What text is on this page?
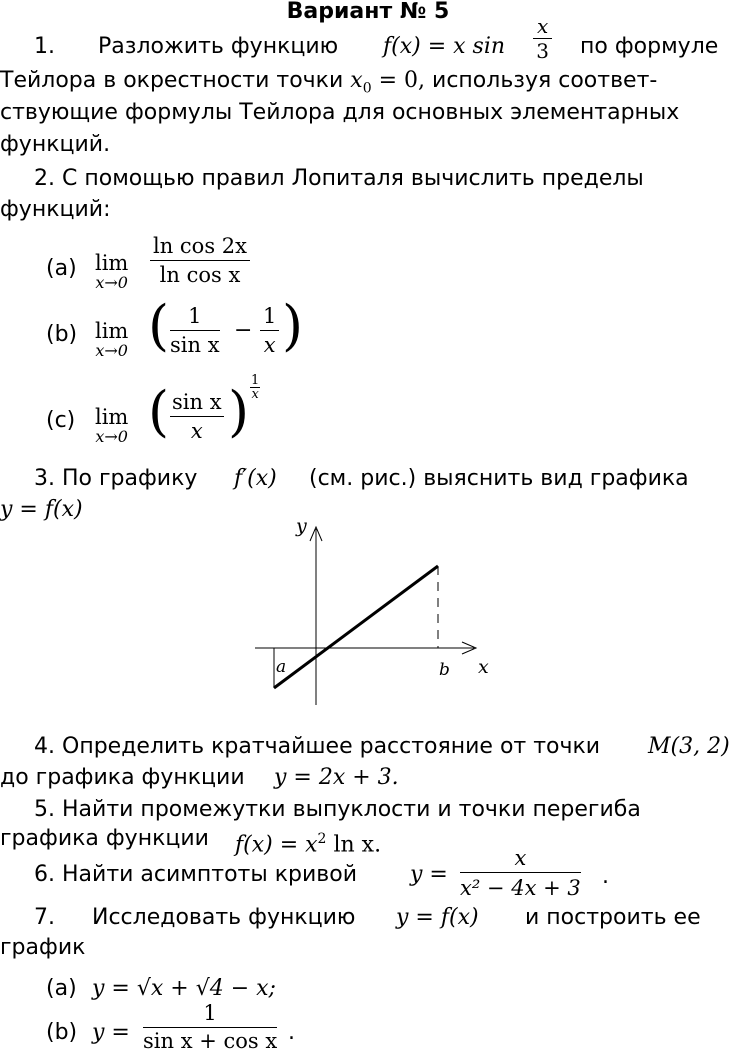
Вариант № 5
1. Разложить функцию f(x) = x $\sin \frac{x}{3}$ по формуле
Тейлора в окрестности точки $x_0 = 0$, используя соответ-
ствующие формулы Тейлора для основных элементарных
функций.
2. С помощью правил Лопиталя вычислить пределы
функций:
(a) lim
$x\to 0 \frac{\text{ln cos 2x}}{\text{ln cos x}}$
(b) lim
x→0 ( $\frac{1}{\text{sin x}} - \frac{1}{x}$ )
(c) lim
x→0 ( $\frac{\text{sin x}}{x}$ ) $\frac{1}{x}$
3. По графику f′(x) (см. рис.) выяснить вид графика
y = f(x)
y
x
a	b
4. Определить кратчайшее расстояние от точки M(3, 2)
до графика функции y = 2x + 3.
5. Найти промежутки выпуклости и точки перегиба
графика функции $f(x) = x^2$ ln x.
6. Найти асимптоты кривой $y = \frac{x}{\text{x² − 4x + 3}}$ .
7. Исследовать функцию y = f(x) и построить ее
график
(a) y = √x + √4 − x;
(b) $y = \frac{1}{\text{sin x + cos x}}$ .
